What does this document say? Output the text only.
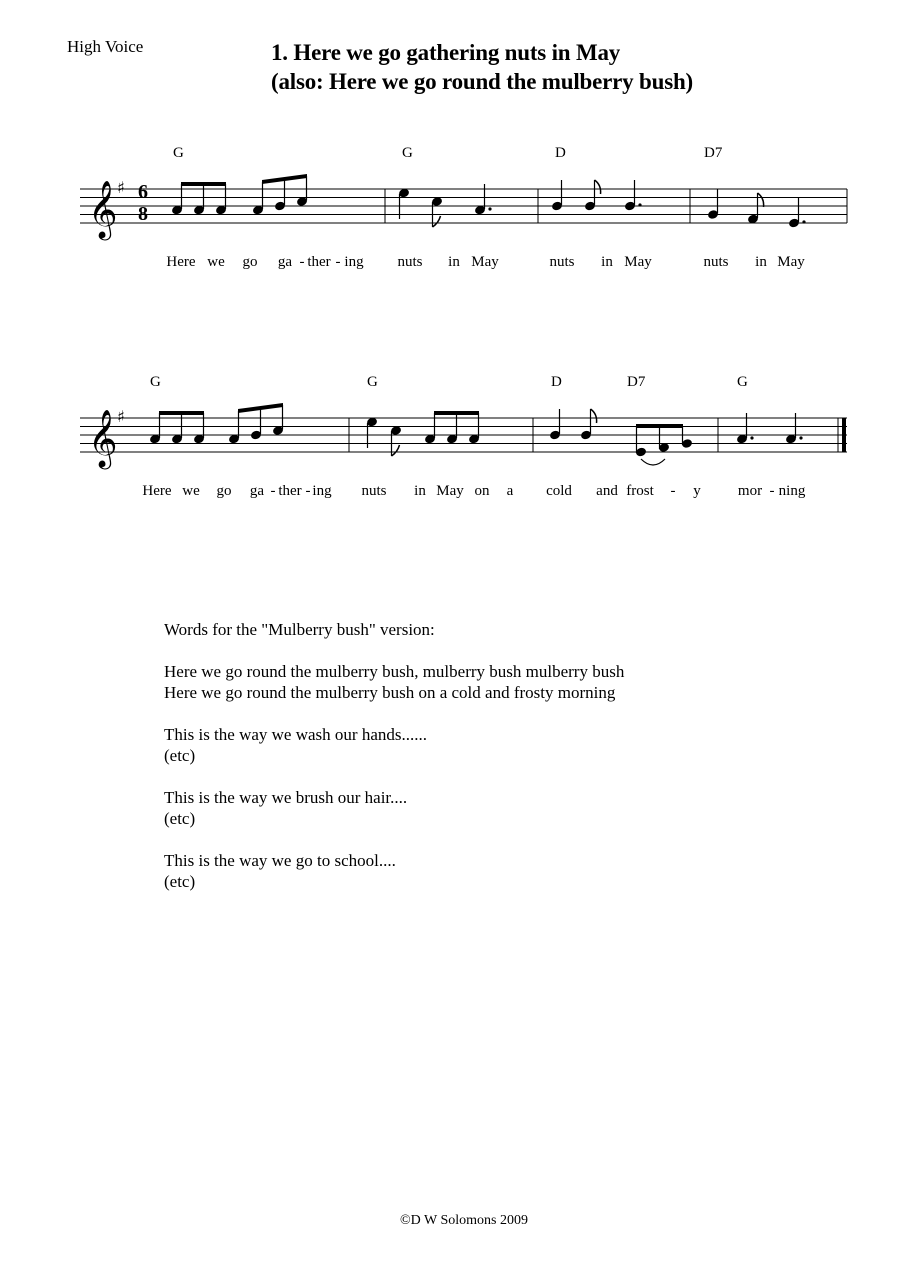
High Voice	1. Here we go gathering nuts in May
(also: Here we go round the mulberry bush)
G	G	D	D7
𝄞 ♯ 6
8
Here we go ga - ther - ing nuts in May	nuts in May	nuts in May
G	G	D	D7	G
𝄞 ♯
Here we go ga - ther - ing nuts in May on a cold and frost - y mor - ning
Words for the "Mulberry bush" version:
Here we go round the mulberry bush, mulberry bush mulberry bush
Here we go round the mulberry bush on a cold and frosty morning
This is the way we wash our hands......
(etc)
This is the way we brush our hair....
(etc)
This is the way we go to school....
(etc)
©D W Solomons 2009
